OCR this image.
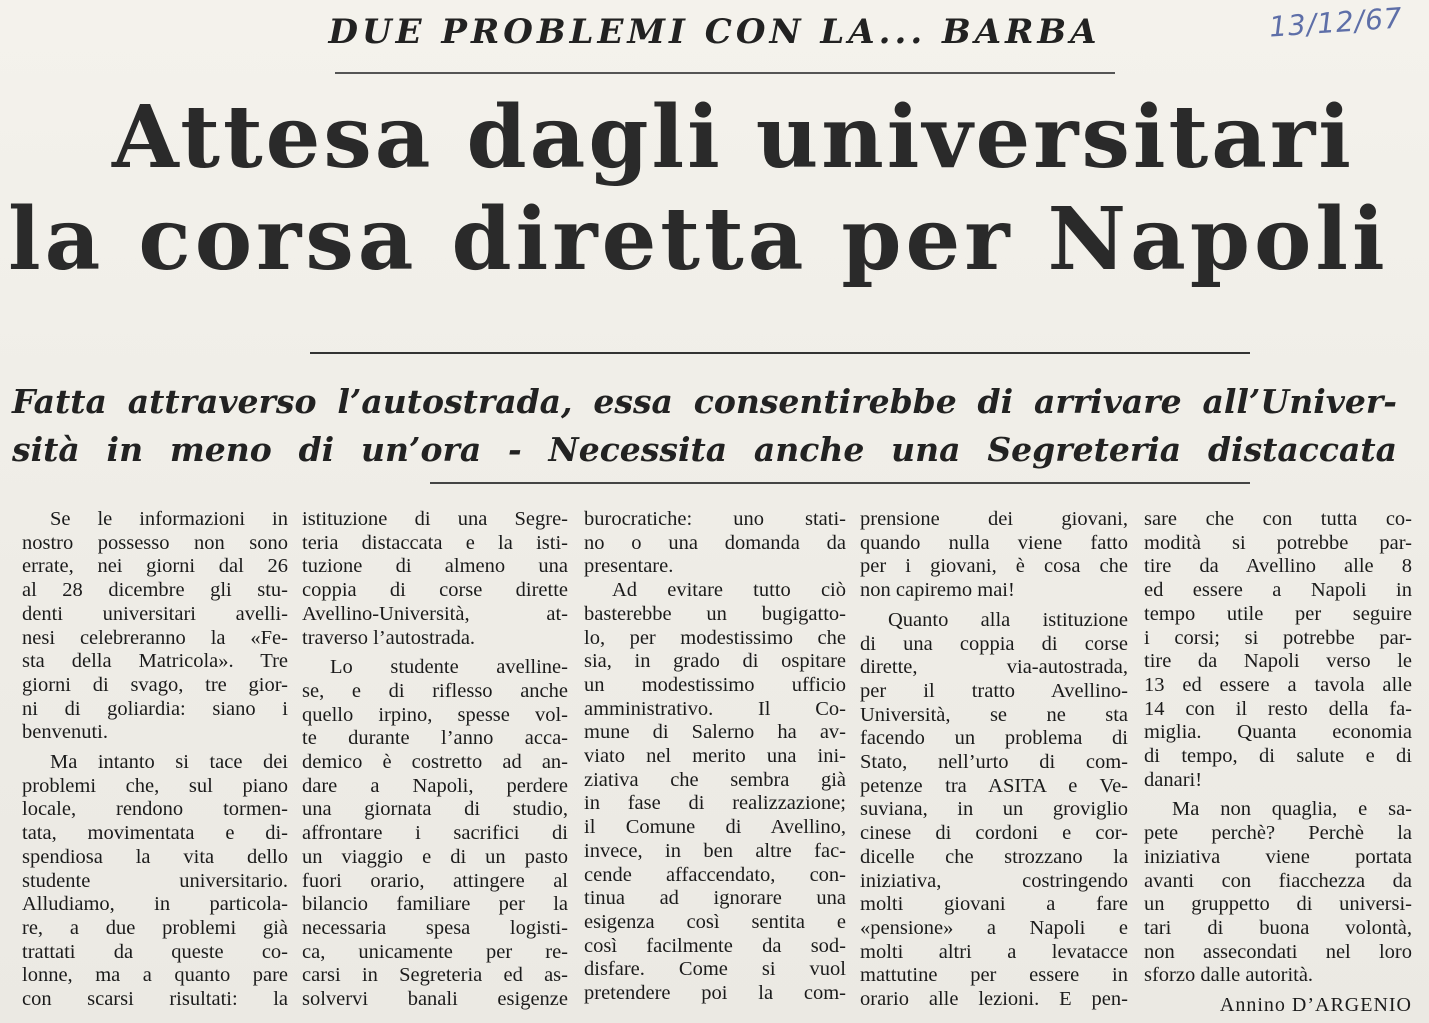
13/12/67
DUE PROBLEMI CON LA... BARBA
Attesa dagli universitari
la corsa diretta per Napoli
Fatta attraverso l’autostrada, essa consentirebbe di arrivare all’Univer-
sità in meno di un’ora - Necessita anche una Segreteria distaccata
Se le informazioni in
nostro possesso non sono
errate, nei giorni dal 26
al 28 dicembre gli stu-
denti universitari avelli-
nesi celebreranno la «Fe-
sta della Matricola». Tre
giorni di svago, tre gior-
ni di goliardia: siano i
benvenuti.
Ma intanto si tace dei
problemi che, sul piano
locale, rendono tormen-
tata, movimentata e di-
spendiosa la vita dello
studente universitario.
Alludiamo, in particola-
re, a due problemi già
trattati da queste co-
lonne, ma a quanto pare
con scarsi risultati: la
istituzione di una Segre-
teria distaccata e la isti-
tuzione di almeno una
coppia di corse dirette
Avellino-Università, at-
traverso l’autostrada.
Lo studente avelline-
se, e di riflesso anche
quello irpino, spesse vol-
te durante l’anno acca-
demico è costretto ad an-
dare a Napoli, perdere
una giornata di studio,
affrontare i sacrifici di
un viaggio e di un pasto
fuori orario, attingere al
bilancio familiare per la
necessaria spesa logisti-
ca, unicamente per re-
carsi in Segreteria ed as-
solvervi banali esigenze
burocratiche: uno stati-
no o una domanda da
presentare.
Ad evitare tutto ciò
basterebbe un bugigatto-
lo, per modestissimo che
sia, in grado di ospitare
un modestissimo ufficio
amministrativo. Il Co-
mune di Salerno ha av-
viato nel merito una ini-
ziativa che sembra già
in fase di realizzazione;
il Comune di Avellino,
invece, in ben altre fac-
cende affaccendato, con-
tinua ad ignorare una
esigenza così sentita e
così facilmente da sod-
disfare. Come si vuol
pretendere poi la com-
prensione dei giovani,
quando nulla viene fatto
per i giovani, è cosa che
non capiremo mai!
Quanto alla istituzione
di una coppia di corse
dirette, via-autostrada,
per il tratto Avellino-
Università, se ne sta
facendo un problema di
Stato, nell’urto di com-
petenze tra ASITA e Ve-
suviana, in un groviglio
cinese di cordoni e cor-
dicelle che strozzano la
iniziativa, costringendo
molti giovani a fare
«pensione» a Napoli e
molti altri a levatacce
mattutine per essere in
orario alle lezioni. E pen-
sare che con tutta co-
modità si potrebbe par-
tire da Avellino alle 8
ed essere a Napoli in
tempo utile per seguire
i corsi; si potrebbe par-
tire da Napoli verso le
13 ed essere a tavola alle
14 con il resto della fa-
miglia. Quanta economia
di tempo, di salute e di
danari!
Ma non quaglia, e sa-
pete perchè? Perchè la
iniziativa viene portata
avanti con fiacchezza da
un gruppetto di universi-
tari di buona volontà,
non assecondati nel loro
sforzo dalle autorità.
Annino D’ARGENIO
